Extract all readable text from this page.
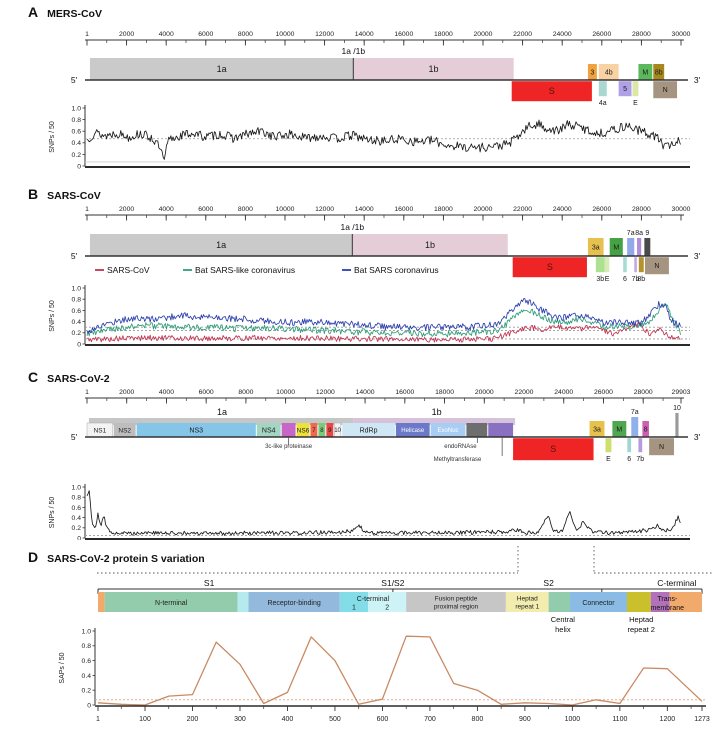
A MERS-CoV
B SARS-CoV
C SARS-CoV-2
D SARS-CoV-2 protein S variation
1	2000	4000	6000	8000	10000	12000	14000	16000	18000	20000	22000	24000	26000	28000	30000
1a	1b
S
3 4b
4a
5
E
M 8b
N
1a /1b
5'	3'
1.0
0.8
0.6
0.4
0.2
0
SNPs / 50
1	2000	4000	6000	8000	10000	12000	14000	16000	18000	20000	22000	24000	26000	28000	30000
1a	1b
S
3a
3b E
M
6
7a
7b
8a
8b
9
N
1a /1b
5'	3'
SARS-CoV	Bat SARS-like coronavirus	Bat SARS coronavirus
1.0
0.8
0.6
0.4
0.2
0
SNPs / 50
1	2000	4000	6000	8000	10000	12000	14000	16000	18000	20000	22000	24000	26000	28000	29903
NS1 NS2	NS3	NS4	NS6 7 8 9 10	RdRp	Helicase ExoNuc
S
3a
E
M
6
7a
7b
8
N
10
5'	3'
1a	1b
3c-like proteinase	endoRNAse
Methyltransferase
1.0
0.8
0.6
0.4
0.2
0
SNPs / 50
S1	S1/S2	S2	C-terminal
N-terminal	Receptor-binding
1	2
Fusion peptide
proximal region
Heptad
repeat 1	Connector
C-terminal
Central
helix
Heptad
repeat 2
Trans-
membrane
1.0
0.8
0.6
0.4
0.2
0
SAPs / 50
1	100	200	300	400	500	600	700	800	900	1000	1100	1200	1273
